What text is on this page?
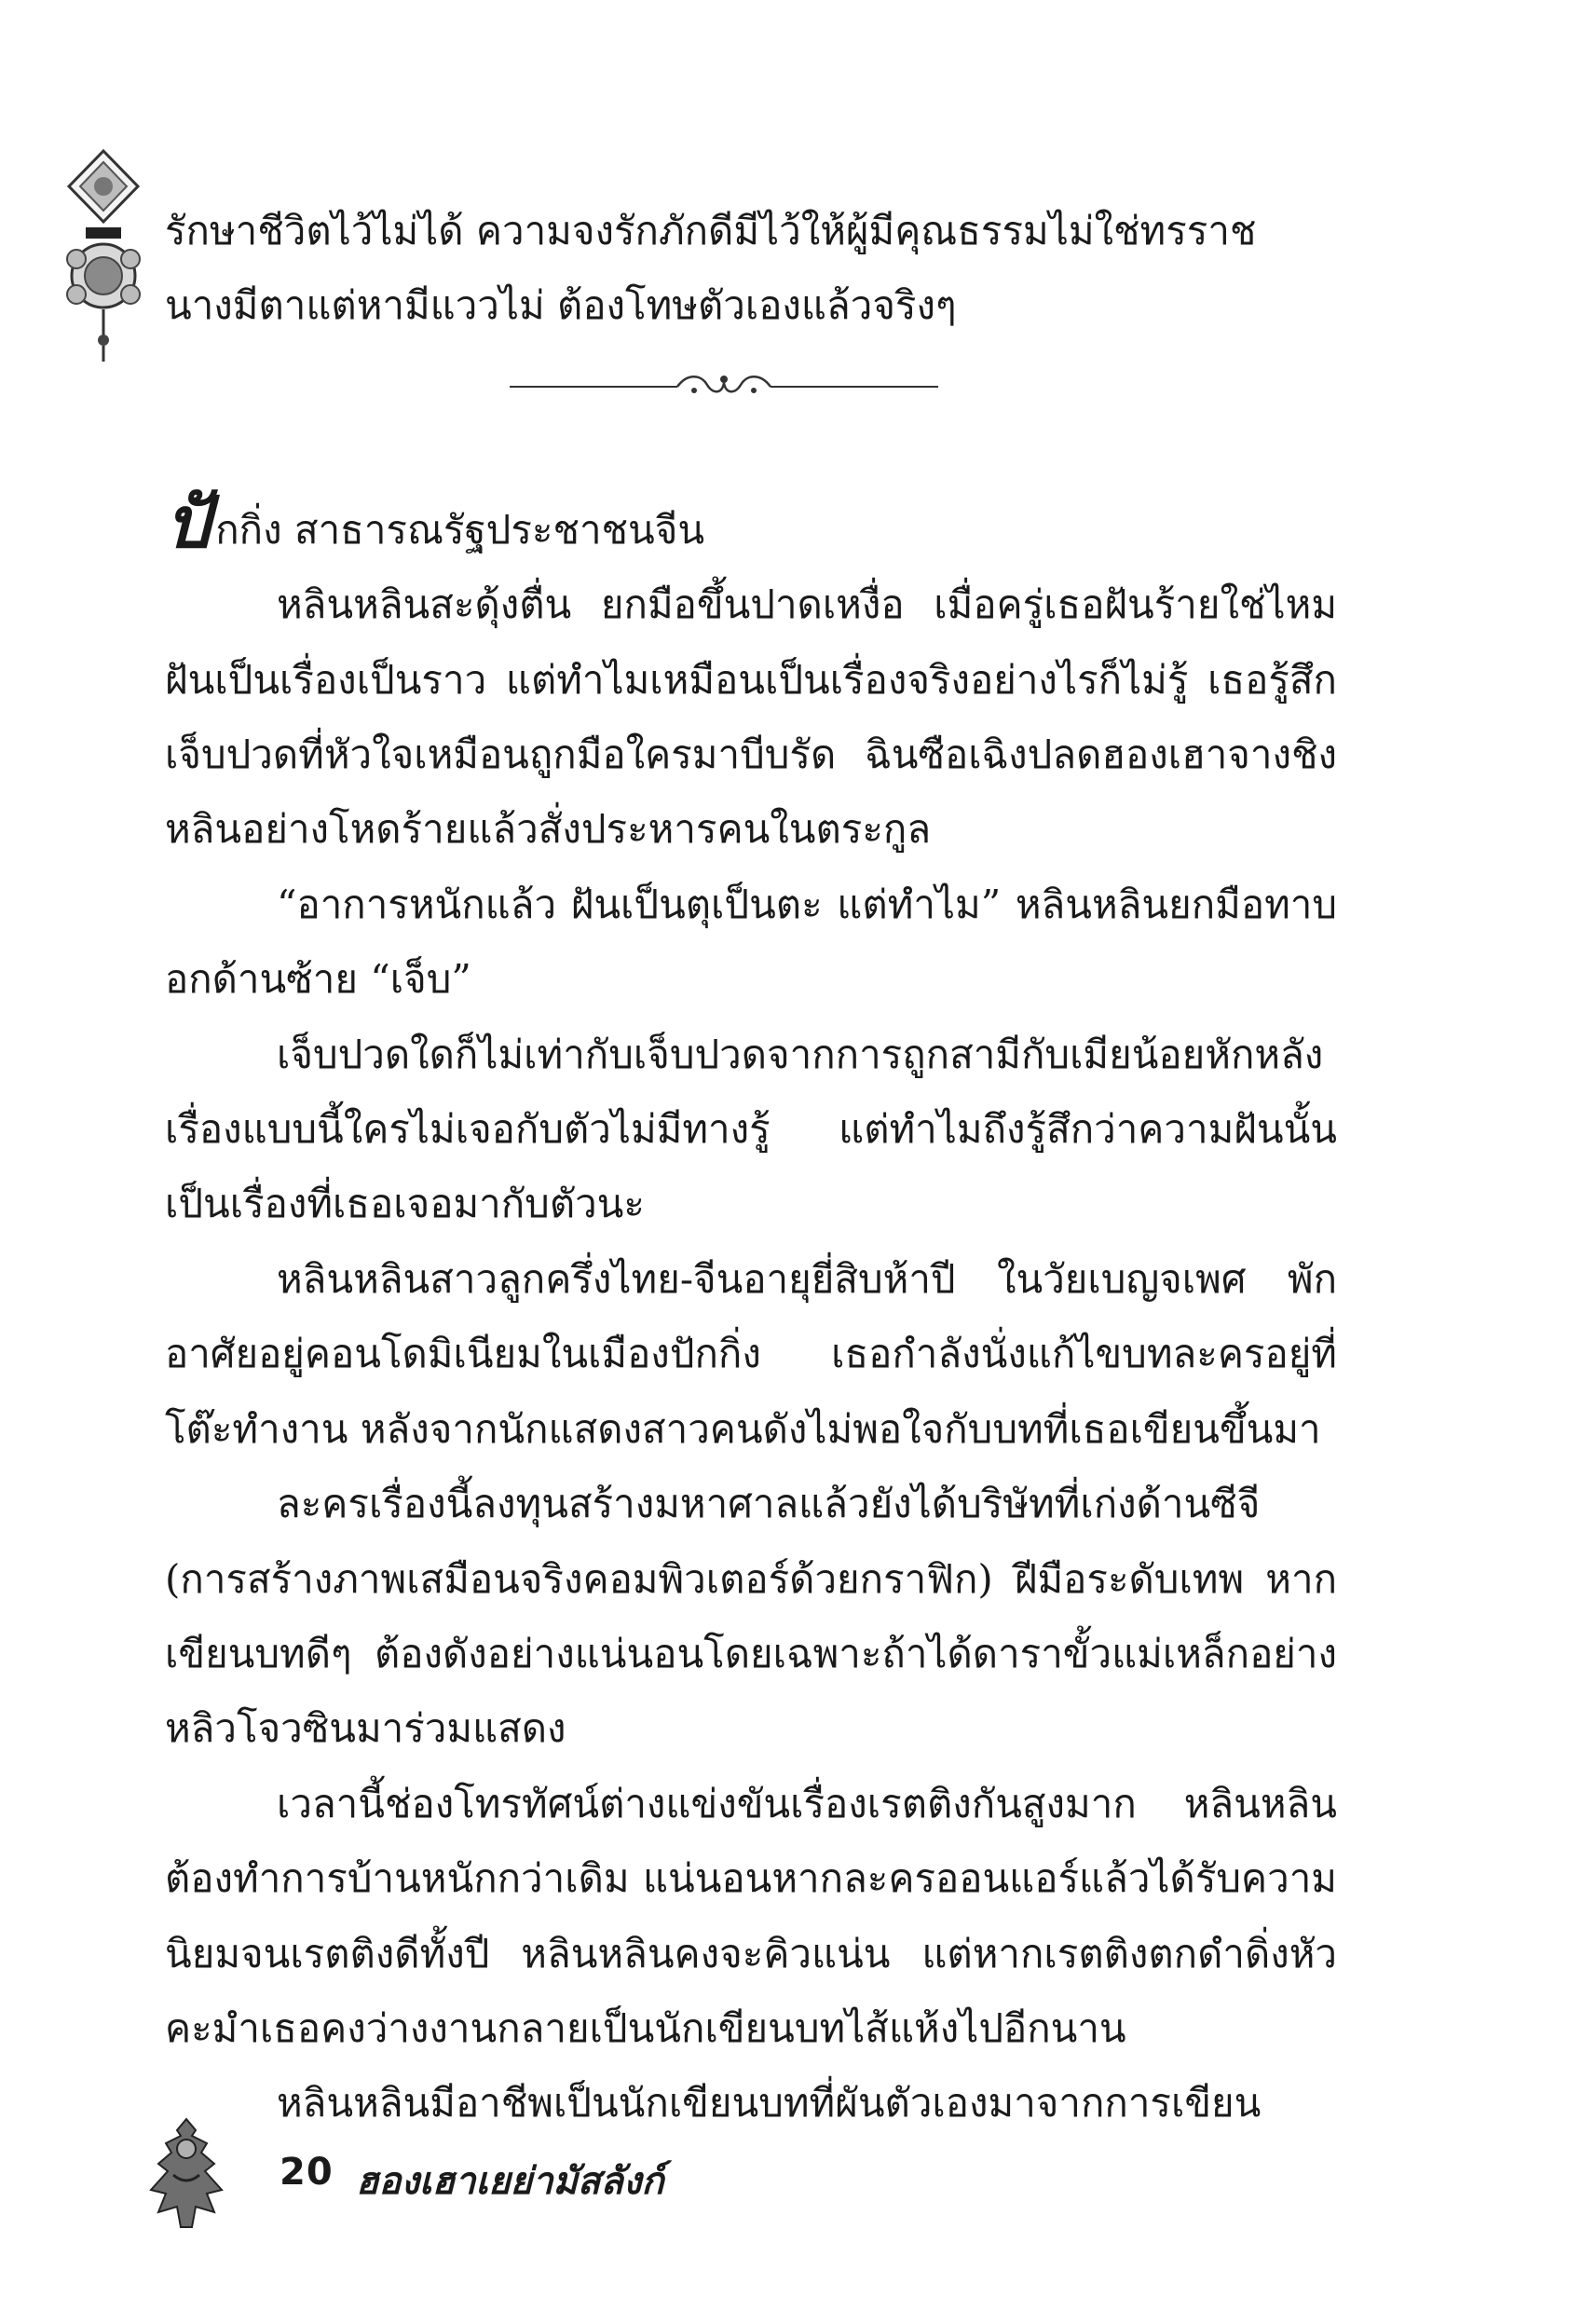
รักษาชีวิตไว้ไม่ได้ ความจงรักภักดีมีไว้ให้ผู้มีคุณธรรมไม่ใช่ทรราช
นางมีตาแต่หามีแววไม่ ต้องโทษตัวเองแล้วจริงๆ

ปักกิ่ง สาธารณรัฐประชาชนจีน

หลินหลินสะดุ้งตื่น ยกมือขึ้นปาดเหงื่อ เมื่อครู่เธอฝันร้ายใช่ไหม ฝันเป็นเรื่องเป็นราว แต่ทำไมเหมือนเป็นเรื่องจริงอย่างไรก็ไม่รู้ เธอรู้สึกเจ็บปวดที่หัวใจเหมือนถูกมือใครมาบีบรัด ฉินซือเฉิงปลดฮองเฮาจางชิงหลินอย่างโหดร้ายแล้วสั่งประหารคนในตระกูล

“อาการหนักแล้ว ฝันเป็นตุเป็นตะ แต่ทำไม” หลินหลินยกมือทาบอกด้านซ้าย “เจ็บ”

เจ็บปวดใดก็ไม่เท่ากับเจ็บปวดจากการถูกสามีกับเมียน้อยหักหลัง เรื่องแบบนี้ใครไม่เจอกับตัวไม่มีทางรู้ แต่ทำไมถึงรู้สึกว่าความฝันนั้นเป็นเรื่องที่เธอเจอมากับตัวนะ

หลินหลินสาวลูกครึ่งไทย-จีนอายุยี่สิบห้าปี ในวัยเบญจเพศ พักอาศัยอยู่คอนโดมิเนียมในเมืองปักกิ่ง เธอกำลังนั่งแก้ไขบทละครอยู่ที่โต๊ะทำงาน หลังจากนักแสดงสาวคนดังไม่พอใจกับบทที่เธอเขียนขึ้นมา

ละครเรื่องนี้ลงทุนสร้างมหาศาลแล้วยังได้บริษัทที่เก่งด้านซีจี (การสร้างภาพเสมือนจริงคอมพิวเตอร์ด้วยกราฟิก) ฝีมือระดับเทพ หากเขียนบทดีๆ ต้องดังอย่างแน่นอนโดยเฉพาะถ้าได้ดาราขั้วแม่เหล็กอย่างหลิวโจวซินมาร่วมแสดง

เวลานี้ช่องโทรทัศน์ต่างแข่งขันเรื่องเรตติงกันสูงมาก หลินหลินต้องทำการบ้านหนักกว่าเดิม แน่นอนหากละครออนแอร์แล้วได้รับความนิยมจนเรตติงดีทั้งปี หลินหลินคงจะคิวแน่น แต่หากเรตติงตกดำดิ่งหัวคะมำเธอคงว่างงานกลายเป็นนักเขียนบทไส้แห้งไปอีกนาน

หลินหลินมีอาชีพเป็นนักเขียนบทที่ผันตัวเองมาจากการเขียน

20 ฮองเฮาเยย่ามัสลังก์
